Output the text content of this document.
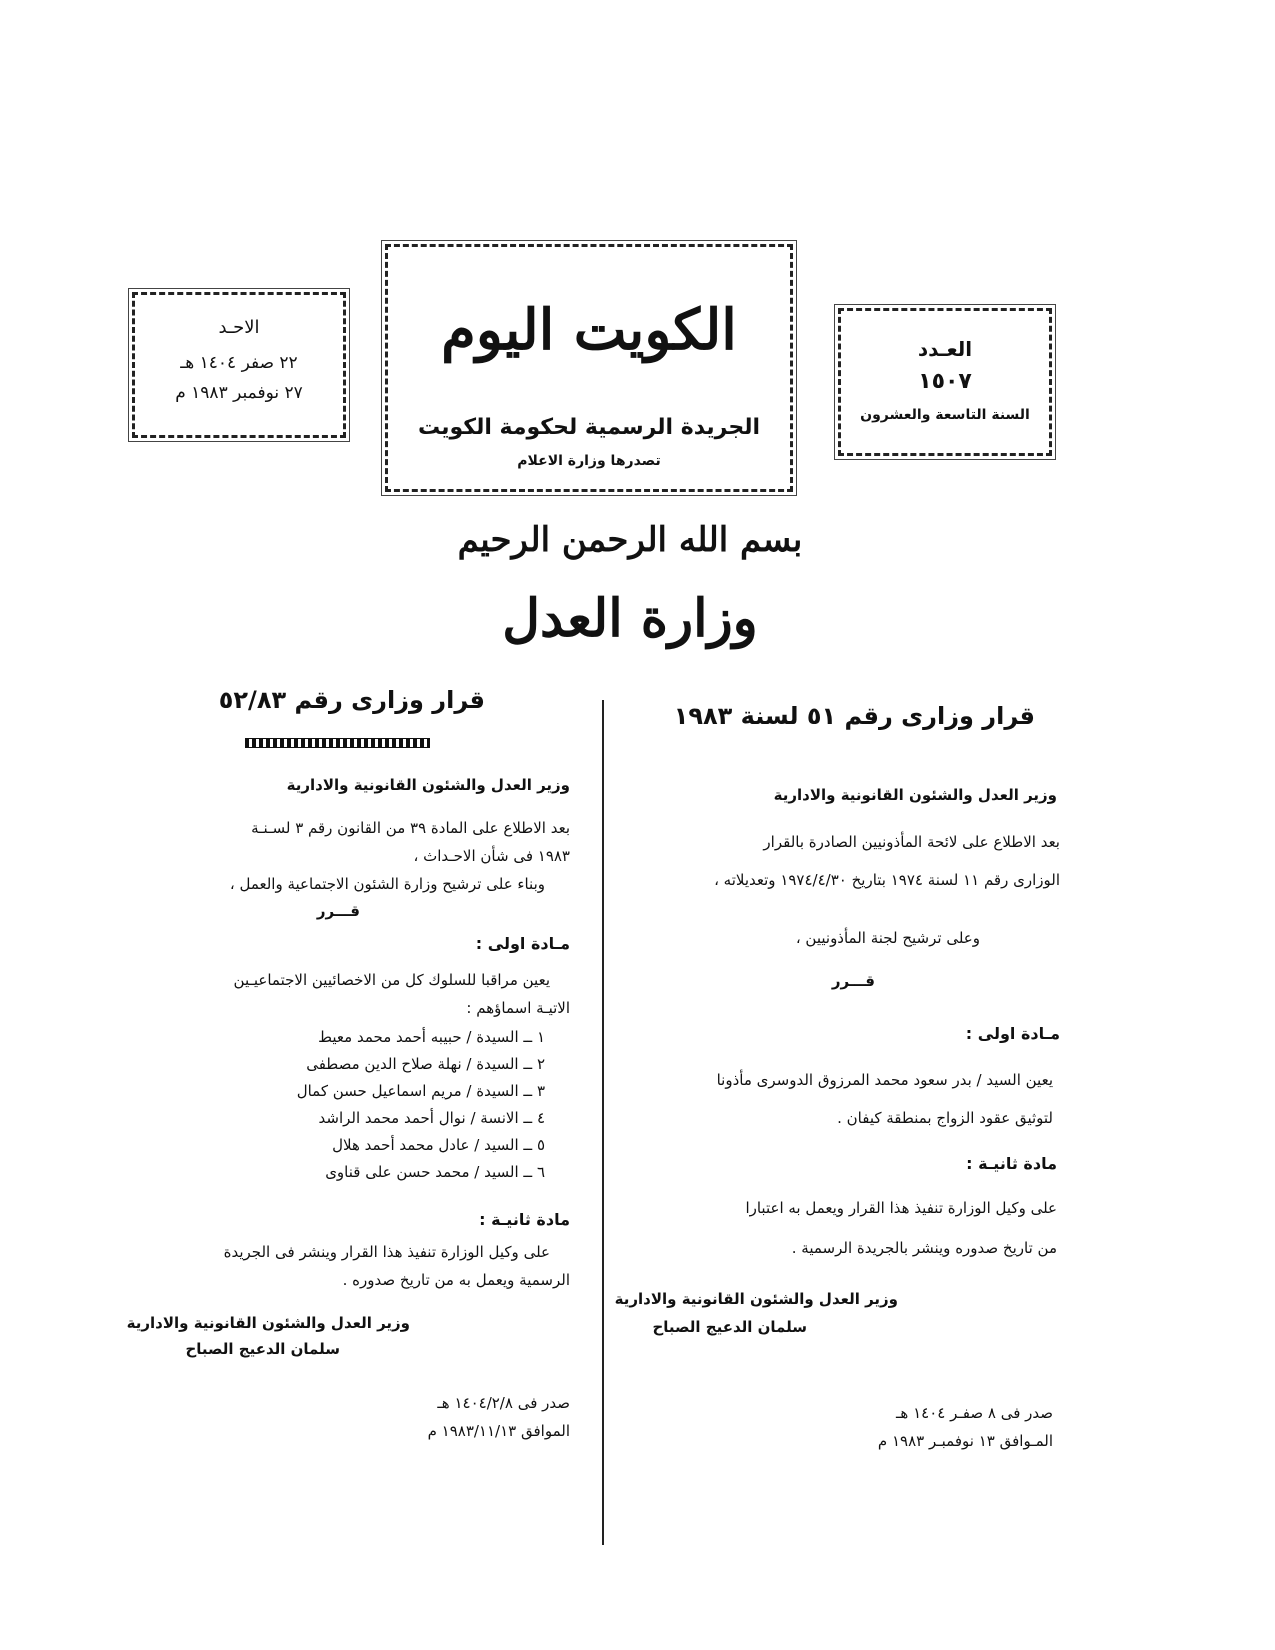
الاحـد
٢٢ صفر ١٤٠٤ هـ
٢٧ نوفمبر ١٩٨٣ م
الكويت اليوم
الجريدة الرسمية لحكومة الكويت
تصدرها وزارة الاعلام
العـدد
١٥٠٧
السنة التاسعة والعشرون
بسم الله الرحمن الرحيم
وزارة العدل
قرار وزارى رقم ٥١ لسنة ١٩٨٣
وزير العدل والشئون القانونية والادارية
بعد الاطلاع على لائحة المأذونيين الصادرة بالقرار
الوزارى رقم ١١ لسنة ١٩٧٤ بتاريخ ١٩٧٤/٤/٣٠ وتعديلاته ،
وعلى ترشيح لجنة المأذونيين ،
قـــرر
مـادة اولى :
يعين السيد / بدر سعود محمد المرزوق الدوسرى مأذونا
لتوثيق عقود الزواج بمنطقة كيفان .
مادة ثانيـة :
على وكيل الوزارة تنفيذ هذا القرار ويعمل به اعتبارا
من تاريخ صدوره وينشر بالجريدة الرسمية .
وزير العدل والشئون القانونية والادارية
سلمان الدعيج الصباح
صدر فى ٨ صفـر ١٤٠٤ هـ
المـوافق ١٣ نوفمبـر ١٩٨٣ م
قرار وزارى رقم ٥٢/٨٣
وزير العدل والشئون القانونية والادارية
بعد الاطلاع على المادة ٣٩ من القانون رقم ٣ لسـنـة
١٩٨٣ فى شأن الاحـداث ،
وبناء على ترشيح وزارة الشئون الاجتماعية والعمل ،
قـــرر
مـادة اولى :
يعين مراقبا للسلوك كل من الاخصائيين الاجتماعيـين
الاتيـة اسماؤهم :
١ ــ السيدة / حبيبه أحمد محمد معيط
٢ ــ السيدة / نهلة صلاح الدين مصطفى
٣ ــ السيدة / مريم اسماعيل حسن كمال
٤ ــ الانسة / نوال أحمد محمد الراشد
٥ ــ السيد / عادل محمد أحمد هلال
٦ ــ السيد / محمد حسن على قناوى
مادة ثانيـة :
على وكيل الوزارة تنفيذ هذا القرار وينشر فى الجريدة
الرسمية ويعمل به من تاريخ صدوره .
وزير العدل والشئون القانونية والادارية
سلمان الدعيج الصباح
صدر فى ١٤٠٤/٢/٨ هـ
الموافق ١٩٨٣/١١/١٣ م
